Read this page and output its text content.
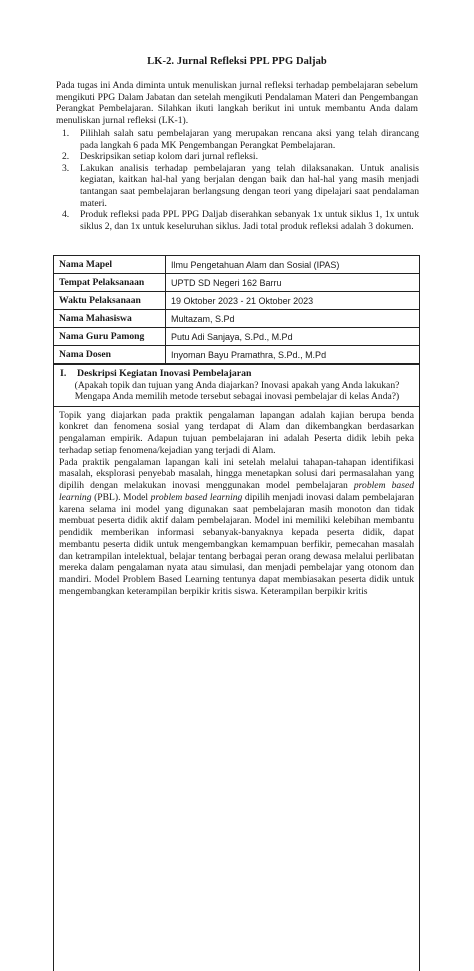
LK-2. Jurnal Refleksi PPL PPG Daljab
Pada tugas ini Anda diminta untuk menuliskan jurnal refleksi terhadap pembelajaran sebelum mengikuti PPG Dalam Jabatan dan setelah mengikuti Pendalaman Materi dan Pengembangan Perangkat Pembelajaran. Silahkan ikuti langkah berikut ini untuk membantu Anda dalam menuliskan jurnal refleksi (LK-1).
1. Pilihlah salah satu pembelajaran yang merupakan rencana aksi yang telah dirancang pada langkah 6 pada MK Pengembangan Perangkat Pembelajaran.
2. Deskripsikan setiap kolom dari jurnal refleksi.
3. Lakukan analisis terhadap pembelajaran yang telah dilaksanakan. Untuk analisis kegiatan, kaitkan hal-hal yang berjalan dengan baik dan hal-hal yang masih menjadi tantangan saat pembelajaran berlangsung dengan teori yang dipelajari saat pendalaman materi.
4. Produk refleksi pada PPL PPG Daljab diserahkan sebanyak 1x untuk siklus 1, 1x untuk siklus 2, dan 1x untuk keseluruhan siklus. Jadi total produk refleksi adalah 3 dokumen.
Nama Mapel	Ilmu Pengetahuan Alam dan Sosial (IPAS)
Tempat Pelaksanaan	UPTD SD Negeri 162 Barru
Waktu Pelaksanaan	19 Oktober 2023 - 21 Oktober 2023
Nama Mahasiswa	Multazam, S.Pd
Nama Guru Pamong	Putu Adi Sanjaya, S.Pd., M.Pd
Nama Dosen	Inyoman Bayu Pramathra, S.Pd., M.Pd
I. Deskripsi Kegiatan Inovasi Pembelajaran
(Apakah topik dan tujuan yang Anda diajarkan? Inovasi apakah yang Anda lakukan? Mengapa Anda memilih metode tersebut sebagai inovasi pembelajar di kelas Anda?)

Topik yang diajarkan pada praktik pengalaman lapangan adalah kajian berupa benda konkret dan fenomena sosial yang terdapat di Alam dan dikembangkan berdasarkan pengalaman empirik. Adapun tujuan pembelajaran ini adalah Peserta didik lebih peka terhadap setiap fenomena/kejadian yang terjadi di Alam.

Pada praktik pengalaman lapangan kali ini setelah melalui tahapan-tahapan identifikasi masalah, eksplorasi penyebab masalah, hingga menetapkan solusi dari permasalahan yang dipilih dengan melakukan inovasi menggunakan model pembelajaran problem based learning (PBL). Model problem based learning dipilih menjadi inovasi dalam pembelajaran karena selama ini model yang digunakan saat pembelajaran masih monoton dan tidak membuat peserta didik aktif dalam pembelajaran. Model ini memiliki kelebihan membantu pendidik memberikan informasi sebanyak-banyaknya kepada peserta didik, dapat membantu peserta didik untuk mengembangkan kemampuan berfikir, pemecahan masalah dan ketrampilan intelektual, belajar tentang berbagai peran orang dewasa melalui perlibatan mereka dalam pengalaman nyata atau simulasi, dan menjadi pembelajar yang otonom dan mandiri. Model Problem Based Learning tentunya dapat membiasakan peserta didik untuk mengembangkan keterampilan berpikir kritis siswa. Keterampilan berpikir kritis
